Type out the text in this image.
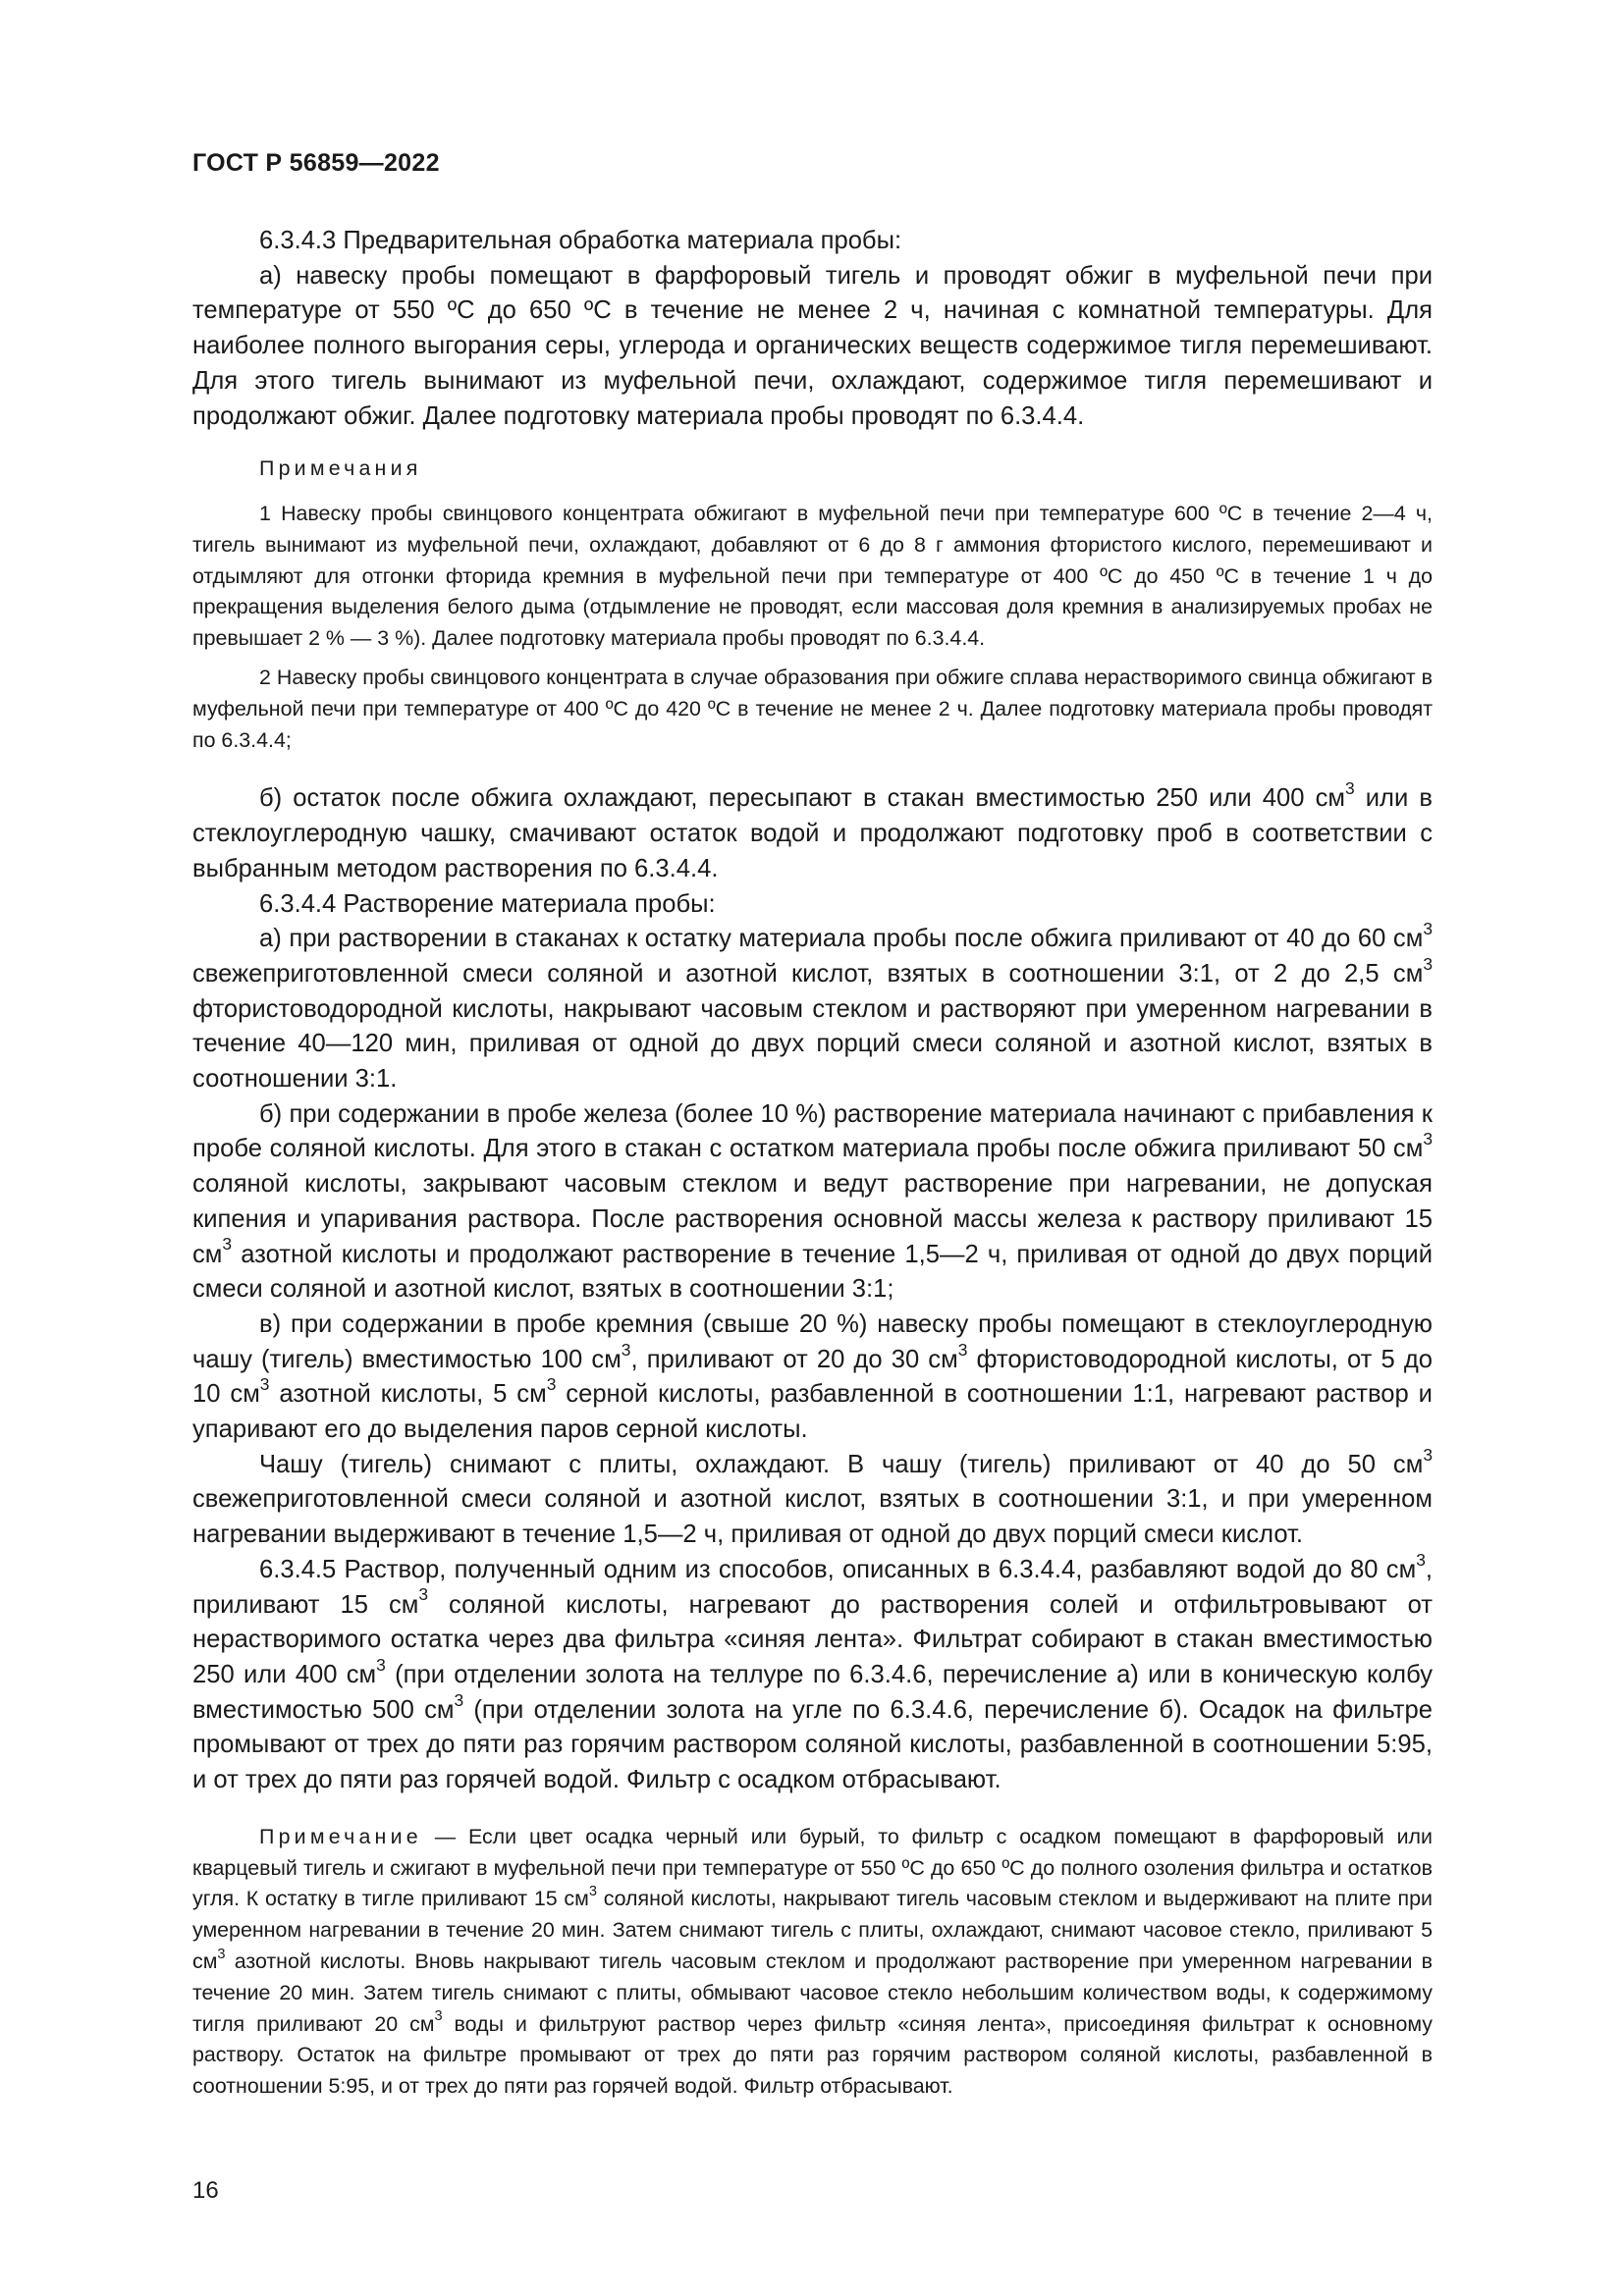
ГОСТ Р 56859—2022

6.3.4.3 Предварительная обработка материала пробы:

а) навеску пробы помещают в фарфоровый тигель и проводят обжиг в муфельной печи при температуре от 550 ºС до 650 ºС в течение не менее 2 ч, начиная с комнатной температуры. Для наиболее полного выгорания серы, углерода и органических веществ содержимое тигля перемешивают. Для этого тигель вынимают из муфельной печи, охлаждают, содержимое тигля перемешивают и продолжают обжиг. Далее подготовку материала пробы проводят по 6.3.4.4.

Примечания

1 Навеску пробы свинцового концентрата обжигают в муфельной печи при температуре 600 ºС в течение 2—4 ч, тигель вынимают из муфельной печи, охлаждают, добавляют от 6 до 8 г аммония фтористого кислого, перемешивают и отдымляют для отгонки фторида кремния в муфельной печи при температуре от 400 ºС до 450 ºС в течение 1 ч до прекращения выделения белого дыма (отдымление не проводят, если массовая доля кремния в анализируемых пробах не превышает 2 % — 3 %). Далее подготовку материала пробы проводят по 6.3.4.4.

2 Навеску пробы свинцового концентрата в случае образования при обжиге сплава нерастворимого свинца обжигают в муфельной печи при температуре от 400 ºС до 420 ºС в течение не менее 2 ч. Далее подготовку материала пробы проводят по 6.3.4.4;

б) остаток после обжига охлаждают, пересыпают в стакан вместимостью 250 или 400 $см^3$ или в стеклоуглеродную чашку, смачивают остаток водой и продолжают подготовку проб в соответствии с выбранным методом растворения по 6.3.4.4.

6.3.4.4 Растворение материала пробы:

а) при растворении в стаканах к остатку материала пробы после обжига приливают от 40 до 60 $см^3$ свежеприготовленной смеси соляной и азотной кислот, взятых в соотношении 3:1, от 2 до 2,5 $см^3$ фтористоводородной кислоты, накрывают часовым стеклом и растворяют при умеренном нагревании в течение 40—120 мин, приливая от одной до двух порций смеси соляной и азотной кислот, взятых в соотношении 3:1.

б) при содержании в пробе железа (более 10 %) растворение материала начинают с прибавления к пробе соляной кислоты. Для этого в стакан с остатком материала пробы после обжига приливают 50 $см^3$ соляной кислоты, закрывают часовым стеклом и ведут растворение при нагревании, не допуская кипения и упаривания раствора. После растворения основной массы железа к раствору приливают 15 $см^3$ азотной кислоты и продолжают растворение в течение 1,5—2 ч, приливая от одной до двух порций смеси соляной и азотной кислот, взятых в соотношении 3:1;

в) при содержании в пробе кремния (свыше 20 %) навеску пробы помещают в стеклоуглеродную чашу (тигель) вместимостью 100 $см^3$, приливают от 20 до 30 $см^3$ фтористоводородной кислоты, от 5 до 10 $см^3$ азотной кислоты, 5 $см^3$ серной кислоты, разбавленной в соотношении 1:1, нагревают раствор и упаривают его до выделения паров серной кислоты.

Чашу (тигель) снимают с плиты, охлаждают. В чашу (тигель) приливают от 40 до 50 $см^3$ свежеприготовленной смеси соляной и азотной кислот, взятых в соотношении 3:1, и при умеренном нагревании выдерживают в течение 1,5—2 ч, приливая от одной до двух порций смеси кислот.

6.3.4.5 Раствор, полученный одним из способов, описанных в 6.3.4.4, разбавляют водой до 80 $см^3$, приливают 15 $см^3$ соляной кислоты, нагревают до растворения солей и отфильтровывают от нерастворимого остатка через два фильтра «синяя лента». Фильтрат собирают в стакан вместимостью 250 или 400 $см^3$ (при отделении золота на теллуре по 6.3.4.6, перечисление а) или в коническую колбу вместимостью 500 $см^3$ (при отделении золота на угле по 6.3.4.6, перечисление б). Осадок на фильтре промывают от трех до пяти раз горячим раствором соляной кислоты, разбавленной в соотношении 5:95, и от трех до пяти раз горячей водой. Фильтр с осадком отбрасывают.

Примечание — Если цвет осадка черный или бурый, то фильтр с осадком помещают в фарфоровый или кварцевый тигель и сжигают в муфельной печи при температуре от 550 ºС до 650 ºС до полного озоления фильтра и остатков угля. К остатку в тигле приливают 15 $см^3$ соляной кислоты, накрывают тигель часовым стеклом и выдерживают на плите при умеренном нагревании в течение 20 мин. Затем снимают тигель с плиты, охлаждают, снимают часовое стекло, приливают 5 $см^3$ азотной кислоты. Вновь накрывают тигель часовым стеклом и продолжают растворение при умеренном нагревании в течение 20 мин. Затем тигель снимают с плиты, обмывают часовое стекло небольшим количеством воды, к содержимому тигля приливают 20 $см^3$ воды и фильтруют раствор через фильтр «синяя лента», присоединяя фильтрат к основному раствору. Остаток на фильтре промывают от трех до пяти раз горячим раствором соляной кислоты, разбавленной в соотношении 5:95, и от трех до пяти раз горячей водой. Фильтр отбрасывают.

16
